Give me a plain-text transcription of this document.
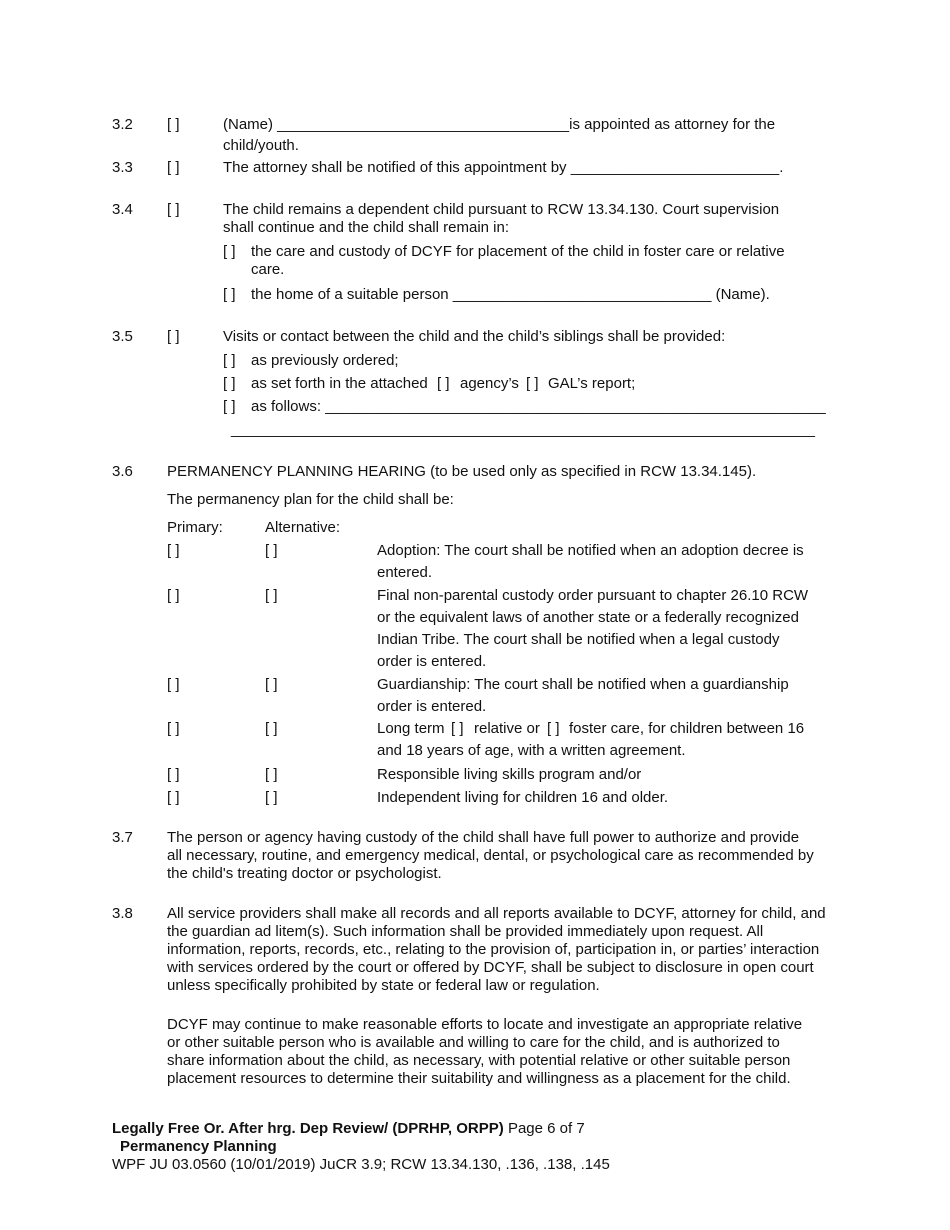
3.2 [ ]	(Name) ___________________________________is appointed as attorney for the
child/youth.
3.3 [ ]	The attorney shall be notified of this appointment by _________________________.
3.4 [ ]	The child remains a dependent child pursuant to RCW 13.34.130. Court supervision
shall continue and the child shall remain in:
[ ] the care and custody of DCYF for placement of the child in foster care or relative
care.
[ ] the home of a suitable person _______________________________ (Name).
3.5 [ ]	Visits or contact between the child and the child’s siblings shall be provided:
[ ] as previously ordered;
[ ] as set forth in the attached [ ] agency’s [ ] GAL’s report;
[ ] as follows: ____________________________________________________________
______________________________________________________________________
3.6 PERMANENCY PLANNING HEARING (to be used only as specified in RCW 13.34.145).
The permanency plan for the child shall be:
Primary:	Alternative:
[ ]	[ ]	Adoption: The court shall be notified when an adoption decree is
entered.
[ ]	[ ]	Final non-parental custody order pursuant to chapter 26.10 RCW
or the equivalent laws of another state or a federally recognized
Indian Tribe. The court shall be notified when a legal custody
order is entered.
[ ]	[ ]	Guardianship: The court shall be notified when a guardianship
order is entered.
[ ]	[ ]	Long term [ ] relative or [ ] foster care, for children between 16
and 18 years of age, with a written agreement.
[ ]	[ ]	Responsible living skills program and/or
[ ]	[ ]	Independent living for children 16 and older.
3.7 The person or agency having custody of the child shall have full power to authorize and provide
all necessary, routine, and emergency medical, dental, or psychological care as recommended by
the child's treating doctor or psychologist.
3.8 All service providers shall make all records and all reports available to DCYF, attorney for child, and
the guardian ad litem(s). Such information shall be provided immediately upon request. All
information, reports, records, etc., relating to the provision of, participation in, or parties’ interaction
with services ordered by the court or offered by DCYF, shall be subject to disclosure in open court
unless specifically prohibited by state or federal law or regulation.
DCYF may continue to make reasonable efforts to locate and investigate an appropriate relative
or other suitable person who is available and willing to care for the child, and is authorized to
share information about the child, as necessary, with potential relative or other suitable person
placement resources to determine their suitability and willingness as a placement for the child.
Legally Free Or. After hrg. Dep Review/ (DPRHP, ORPP) Page 6 of 7
Permanency Planning
WPF JU 03.0560 (10/01/2019) JuCR 3.9; RCW 13.34.130, .136, .138, .145
